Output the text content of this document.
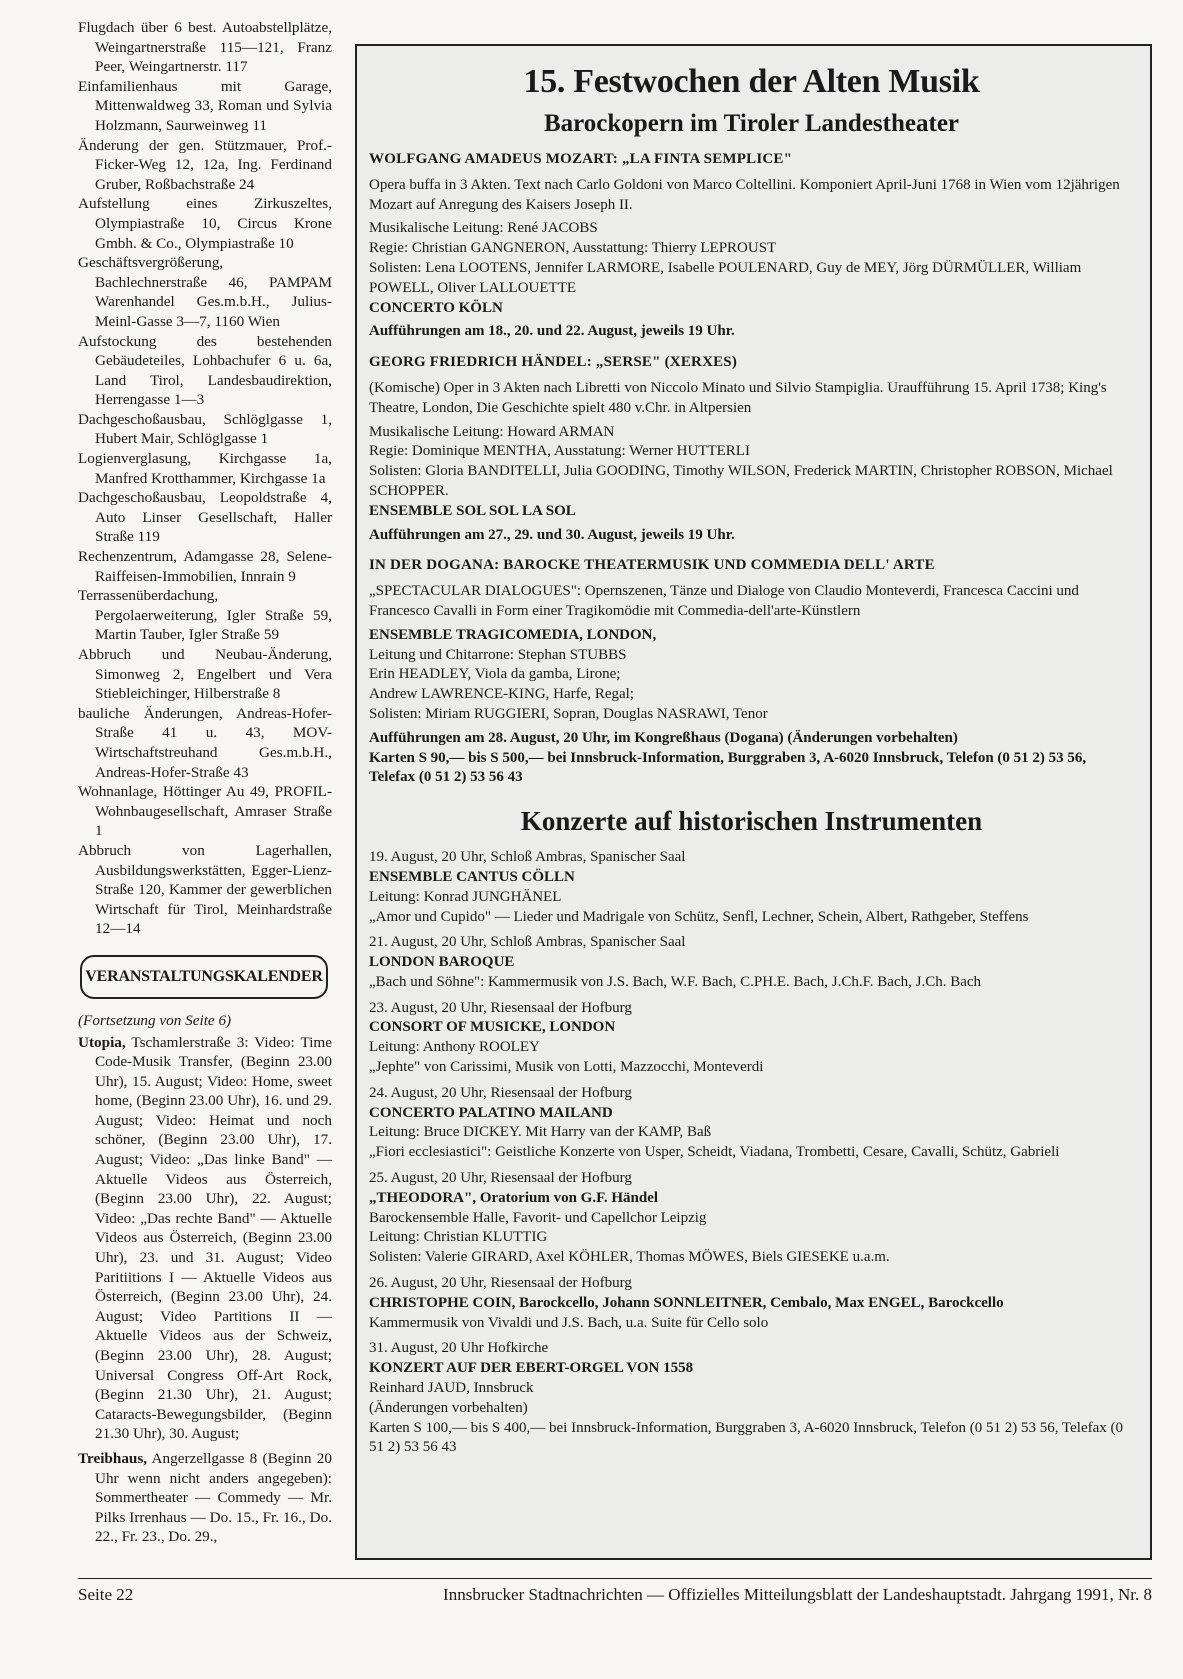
Flugdach über 6 best. Autoabstellplätze, Weingartnerstraße 115—121, Franz Peer, Weingartnerstr. 117

Einfamilienhaus mit Garage, Mittenwaldweg 33, Roman und Sylvia Holzmann, Saurweinweg 11

Änderung der gen. Stützmauer, Prof.-Ficker-Weg 12, 12a, Ing. Ferdinand Gruber, Roßbachstraße 24

Aufstellung eines Zirkuszeltes, Olympiastraße 10, Circus Krone Gmbh. & Co., Olympiastraße 10

Geschäftsvergrößerung, Bachlechnerstraße 46, PAMPAM Warenhandel Ges.m.b.H., Julius-Meinl-Gasse 3—7, 1160 Wien

Aufstockung des bestehenden Gebäudeteiles, Lohbachufer 6 u. 6a, Land Tirol, Landesbaudirektion, Herrengasse 1—3

Dachgeschoßausbau, Schlöglgasse 1, Hubert Mair, Schlöglgasse 1

Logienverglasung, Kirchgasse 1a, Manfred Krotthammer, Kirchgasse 1a

Dachgeschoßausbau, Leopoldstraße 4, Auto Linser Gesellschaft, Haller Straße 119

Rechenzentrum, Adamgasse 28, Selene-Raiffeisen-Immobilien, Innrain 9

Terrassenüberdachung, Pergolaerweiterung, Igler Straße 59, Martin Tauber, Igler Straße 59

Abbruch und Neubau-Änderung, Simonweg 2, Engelbert und Vera Stiebleichinger, Hilberstraße 8

bauliche Änderungen, Andreas-Hofer-Straße 41 u. 43, MOV-Wirtschaftstreuhand Ges.m.b.H., Andreas-Hofer-Straße 43

Wohnanlage, Höttinger Au 49, PROFIL-Wohnbaugesellschaft, Amraser Straße 1

Abbruch von Lagerhallen, Ausbildungswerkstätten, Egger-Lienz-Straße 120, Kammer der gewerblichen Wirtschaft für Tirol, Meinhardstraße 12—14

VERANSTALTUNGSKALENDER

(Fortsetzung von Seite 6)

Utopia, Tschamlerstraße 3: Video: Time Code-Musik Transfer, (Beginn 23.00 Uhr), 15. August; Video: Home, sweet home, (Beginn 23.00 Uhr), 16. und 29. August; Video: Heimat und noch schöner, (Beginn 23.00 Uhr), 17. August; Video: „Das linke Band" — Aktuelle Videos aus Österreich, (Beginn 23.00 Uhr), 22. August; Video: „Das rechte Band" — Aktuelle Videos aus Österreich, (Beginn 23.00 Uhr), 23. und 31. August; Video Paritiitions I — Aktuelle Videos aus Österreich, (Beginn 23.00 Uhr), 24. August; Video Partitions II — Aktuelle Videos aus der Schweiz, (Beginn 23.00 Uhr), 28. August; Universal Congress Off-Art Rock, (Beginn 21.30 Uhr), 21. August; Cataracts-Bewegungsbilder, (Beginn 21.30 Uhr), 30. August;

Treibhaus, Angerzellgasse 8 (Beginn 20 Uhr wenn nicht anders angegeben): Sommertheater — Commedy — Mr. Pilks Irrenhaus — Do. 15., Fr. 16., Do. 22., Fr. 23., Do. 29.,

15. Festwochen der Alten Musik
Barockopern im Tiroler Landestheater

WOLFGANG AMADEUS MOZART: „LA FINTA SEMPLICE"

Opera buffa in 3 Akten. Text nach Carlo Goldoni von Marco Coltellini. Komponiert April-Juni 1768 in Wien vom 12jährigen Mozart auf Anregung des Kaisers Joseph II.

Musikalische Leitung: René JACOBS

Regie: Christian GANGNERON, Ausstattung: Thierry LEPROUST

Solisten: Lena LOOTENS, Jennifer LARMORE, Isabelle POULENARD, Guy de MEY, Jörg DÜRMÜLLER, William POWELL, Oliver LALLOUETTE

CONCERTO KÖLN

Aufführungen am 18., 20. und 22. August, jeweils 19 Uhr.

GEORG FRIEDRICH HÄNDEL: „SERSE" (XERXES)

(Komische) Oper in 3 Akten nach Libretti von Niccolo Minato und Silvio Stampiglia. Uraufführung 15. April 1738; King's Theatre, London, Die Geschichte spielt 480 v.Chr. in Altpersien

Musikalische Leitung: Howard ARMAN

Regie: Dominique MENTHA, Ausstatung: Werner HUTTERLI

Solisten: Gloria BANDITELLI, Julia GOODING, Timothy WILSON, Frederick MARTIN, Christopher ROBSON, Michael SCHOPPER.

ENSEMBLE SOL SOL LA SOL

Aufführungen am 27., 29. und 30. August, jeweils 19 Uhr.

IN DER DOGANA: BAROCKE THEATERMUSIK UND COMMEDIA DELL' ARTE

„SPECTACULAR DIALOGUES": Opernszenen, Tänze und Dialoge von Claudio Monteverdi, Francesca Caccini und Francesco Cavalli in Form einer Tragikomödie mit Commedia-dell'arte-Künstlern

ENSEMBLE TRAGICOMEDIA, LONDON,

Leitung und Chitarrone: Stephan STUBBS

Erin HEADLEY, Viola da gamba, Lirone;

Andrew LAWRENCE-KING, Harfe, Regal;

Solisten: Miriam RUGGIERI, Sopran, Douglas NASRAWI, Tenor

Aufführungen am 28. August, 20 Uhr, im Kongreßhaus (Dogana) (Änderungen vorbehalten)

Karten S 90,— bis S 500,— bei Innsbruck-Information, Burggraben 3, A-6020 Innsbruck, Telefon (0 51 2) 53 56, Telefax (0 51 2) 53 56 43

Konzerte auf historischen Instrumenten

19. August, 20 Uhr, Schloß Ambras, Spanischer Saal

ENSEMBLE CANTUS CÖLLN

Leitung: Konrad JUNGHÄNEL

„Amor und Cupido" — Lieder und Madrigale von Schütz, Senfl, Lechner, Schein, Albert, Rathgeber, Steffens

21. August, 20 Uhr, Schloß Ambras, Spanischer Saal

LONDON BAROQUE

„Bach und Söhne": Kammermusik von J.S. Bach, W.F. Bach, C.PH.E. Bach, J.Ch.F. Bach, J.Ch. Bach

23. August, 20 Uhr, Riesensaal der Hofburg

CONSORT OF MUSICKE, LONDON

Leitung: Anthony ROOLEY

„Jephte" von Carissimi, Musik von Lotti, Mazzocchi, Monteverdi

24. August, 20 Uhr, Riesensaal der Hofburg

CONCERTO PALATINO MAILAND

Leitung: Bruce DICKEY. Mit Harry van der KAMP, Baß

„Fiori ecclesiastici": Geistliche Konzerte von Usper, Scheidt, Viadana, Trombetti, Cesare, Cavalli, Schütz, Gabrieli

25. August, 20 Uhr, Riesensaal der Hofburg

„THEODORA", Oratorium von G.F. Händel

Barockensemble Halle, Favorit- und Capellchor Leipzig

Leitung: Christian KLUTTIG

Solisten: Valerie GIRARD, Axel KÖHLER, Thomas MÖWES, Biels GIESEKE u.a.m.

26. August, 20 Uhr, Riesensaal der Hofburg

CHRISTOPHE COIN, Barockcello, Johann SONNLEITNER, Cembalo, Max ENGEL, Barockcello

Kammermusik von Vivaldi und J.S. Bach, u.a. Suite für Cello solo

31. August, 20 Uhr Hofkirche

KONZERT AUF DER EBERT-ORGEL VON 1558

Reinhard JAUD, Innsbruck

(Änderungen vorbehalten)

Karten S 100,— bis S 400,— bei Innsbruck-Information, Burggraben 3, A-6020 Innsbruck, Telefon (0 51 2) 53 56, Telefax (0 51 2) 53 56 43

Seite 22	Innsbrucker Stadtnachrichten — Offizielles Mitteilungsblatt der Landeshauptstadt. Jahrgang 1991, Nr. 8
